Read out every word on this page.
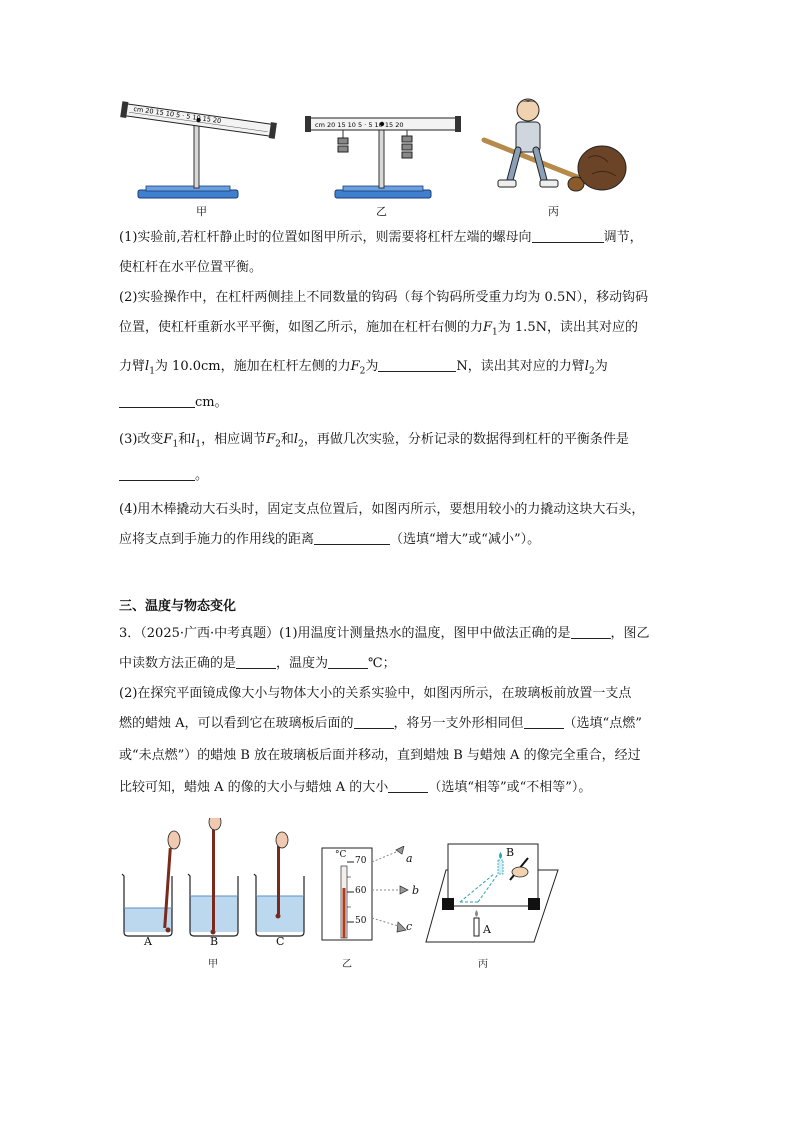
cm 20 15 10 5 · 5 10 15 20
甲
cm 20 15 10 5 · 5 10 15 20
乙	丙
(1)实验前,若杠杆静止时的位置如图甲所示，则需要将杠杆左端的螺母向	调节，
使杠杆在水平位置平衡。
(2)实验操作中，在杠杆两侧挂上不同数量的钩码（每个钩码所受重力均为 0.5N），移动钩码
位置，使杠杆重新水平平衡，如图乙所示，施加在杠杆右侧的力$F_1$为 1.5N，读出其对应的
力臂$l_1$为 10.0cm，施加在杠杆左侧的力$F_2$为	N，读出其对应的力臂$l_2$为
cm。
(3)改变$F_1$和$l_1$，相应调节$F_2$和$l_2$，再做几次实验，分析记录的数据得到杠杆的平衡条件是
。
(4)用木棒撬动大石头时，固定支点位置后，如图丙所示，要想用较小的力撬动这块大石头，
应将支点到手施力的作用线的距离	（选填“增大”或“减小”）。
三、温度与物态变化
3．（2025·广西·中考真题）(1)用温度计测量热水的温度，图甲中做法正确的是	，图乙
中读数方法正确的是	，温度为	℃；
(2)在探究平面镜成像大小与物体大小的关系实验中，如图丙所示，在玻璃板前放置一支点
燃的蜡烛 A，可以看到它在玻璃板后面的	，将另一支外形相同但	（选填“点燃”
或“未点燃”）的蜡烛 B 放在玻璃板后面并移动，直到蜡烛 B 与蜡烛 A 的像完全重合，经过
比较可知，蜡烛 A 的像的大小与蜡烛 A 的大小	（选填“相等”或“不相等”）。
A	B	C
甲
°C
70
60
50
a
b
c
乙
B
A
丙
